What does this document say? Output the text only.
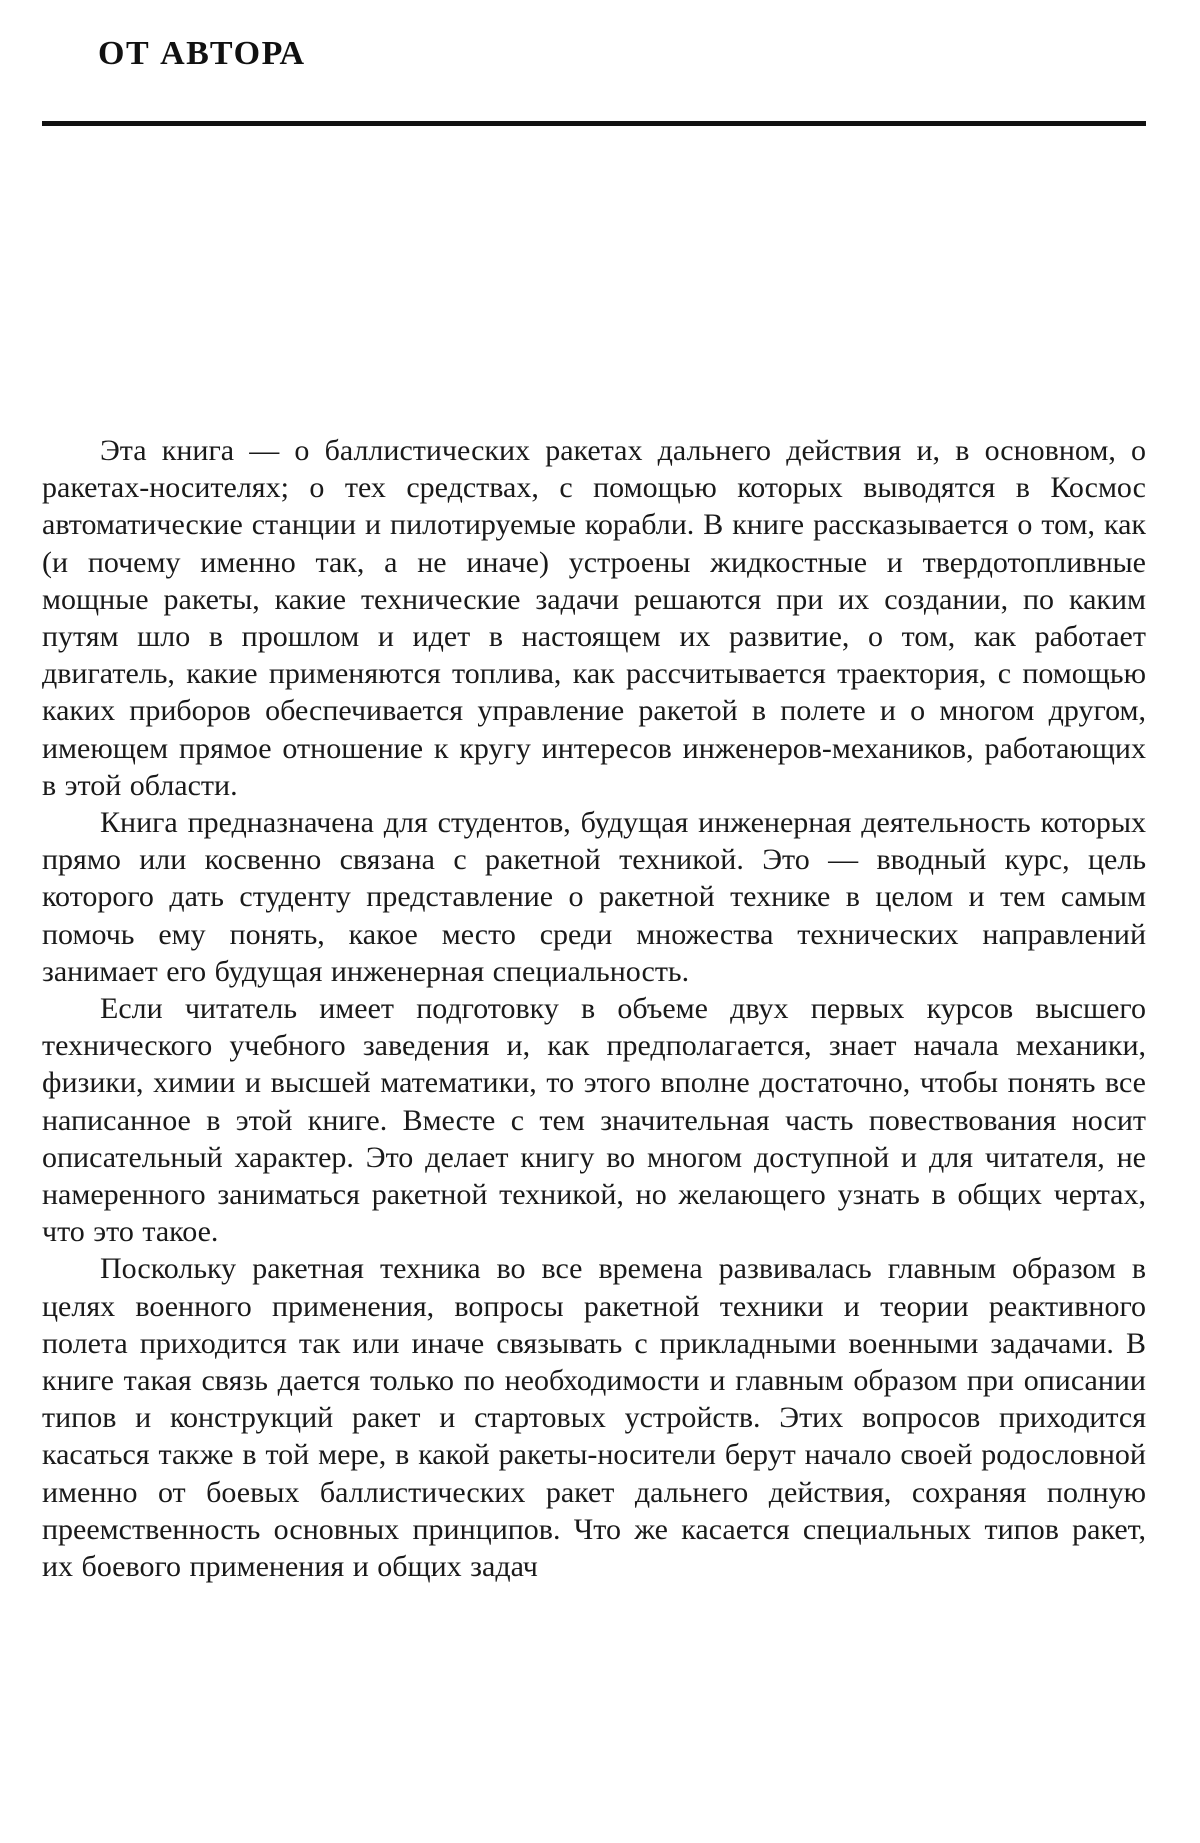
ОТ АВТОРА

Эта книга — о баллистических ракетах дальнего действия и, в основном, о ракетах-носителях; о тех средствах, с помощью которых выводятся в Космос автоматические станции и пилотируемые корабли. В книге рассказывается о том, как (и почему именно так, а не иначе) устроены жидкостные и твердотопливные мощные ракеты, какие технические задачи решаются при их создании, по каким путям шло в прошлом и идет в настоящем их развитие, о том, как работает двигатель, какие применяются топлива, как рассчитывается траектория, с помощью каких приборов обеспечивается управление ракетой в полете и о многом другом, имеющем прямое отношение к кругу интересов инженеров-механиков, работающих в этой области.

Книга предназначена для студентов, будущая инженерная деятельность которых прямо или косвенно связана с ракетной техникой. Это — вводный курс, цель которого дать студенту представление о ракетной технике в целом и тем самым помочь ему понять, какое место среди множества технических направлений занимает его будущая инженерная специальность.

Если читатель имеет подготовку в объеме двух первых курсов высшего технического учебного заведения и, как предполагается, знает начала механики, физики, химии и высшей математики, то этого вполне достаточно, чтобы понять все написанное в этой книге. Вместе с тем значительная часть повествования носит описательный характер. Это делает книгу во многом доступной и для читателя, не намеренного заниматься ракетной техникой, но желающего узнать в общих чертах, что это такое.

Поскольку ракетная техника во все времена развивалась главным образом в целях военного применения, вопросы ракетной техники и теории реактивного полета приходится так или иначе связывать с прикладными военными задачами. В книге такая связь дается только по необходимости и главным образом при описании типов и конструкций ракет и стартовых устройств. Этих вопросов приходится касаться также в той мере, в какой ракеты-носители берут начало своей родословной именно от боевых баллистических ракет дальнего действия, сохраняя полную преемственность основных принципов. Что же касается специальных типов ракет, их боевого применения и общих задач
